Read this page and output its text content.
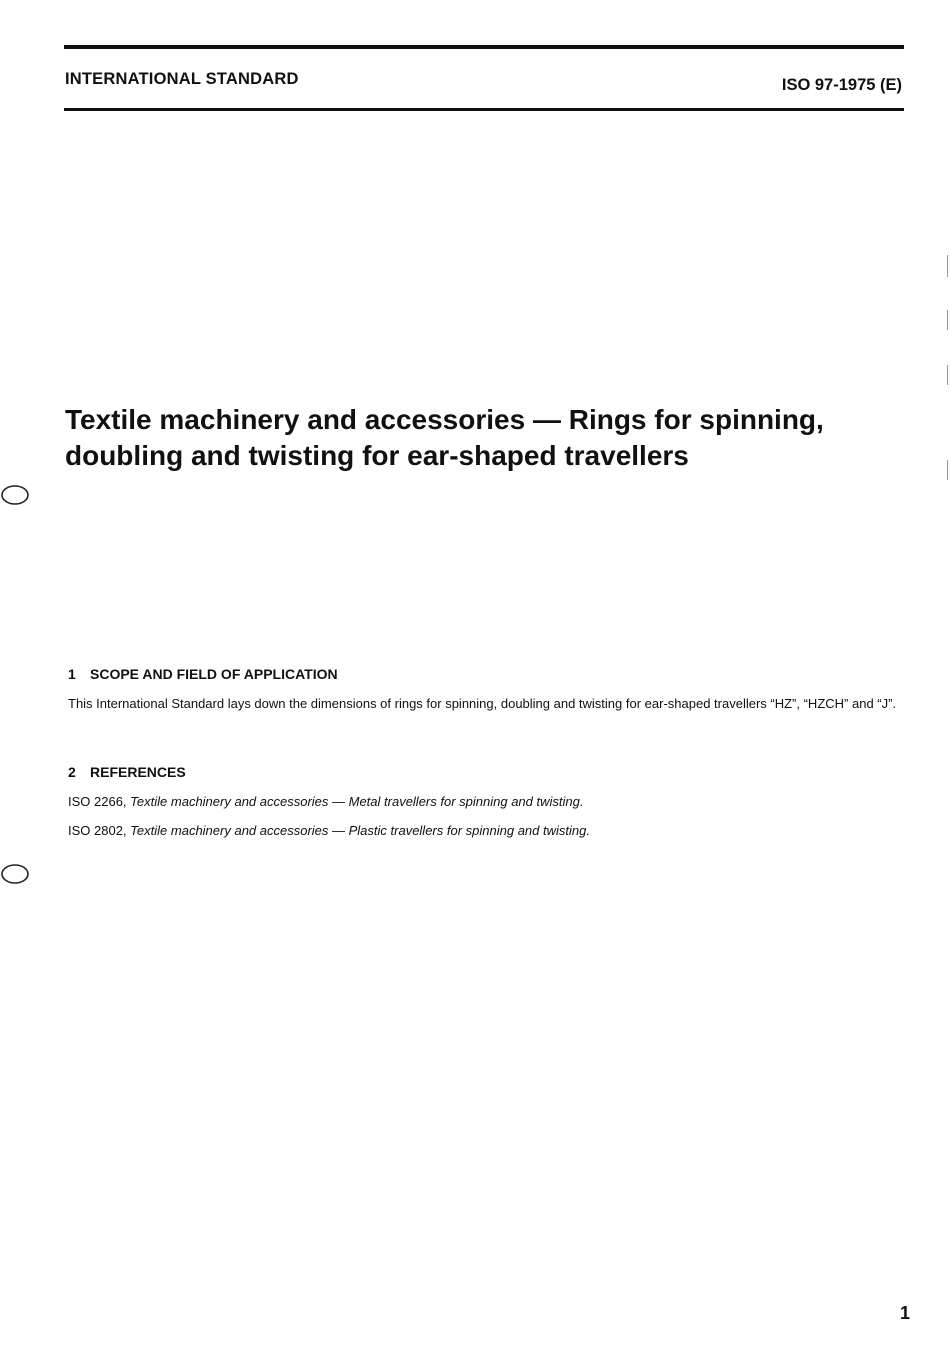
INTERNATIONAL STANDARD	ISO 97-1975 (E)
Textile machinery and accessories — Rings for spinning,
doubling and twisting for ear-shaped travellers
1 SCOPE AND FIELD OF APPLICATION

This International Standard lays down the dimensions of rings for spinning, doubling and twisting for ear-shaped travellers “HZ”, “HZCH” and “J”.

2 REFERENCES

ISO 2266, Textile machinery and accessories — Metal travellers for spinning and twisting.

ISO 2802, Textile machinery and accessories — Plastic travellers for spinning and twisting.

1
